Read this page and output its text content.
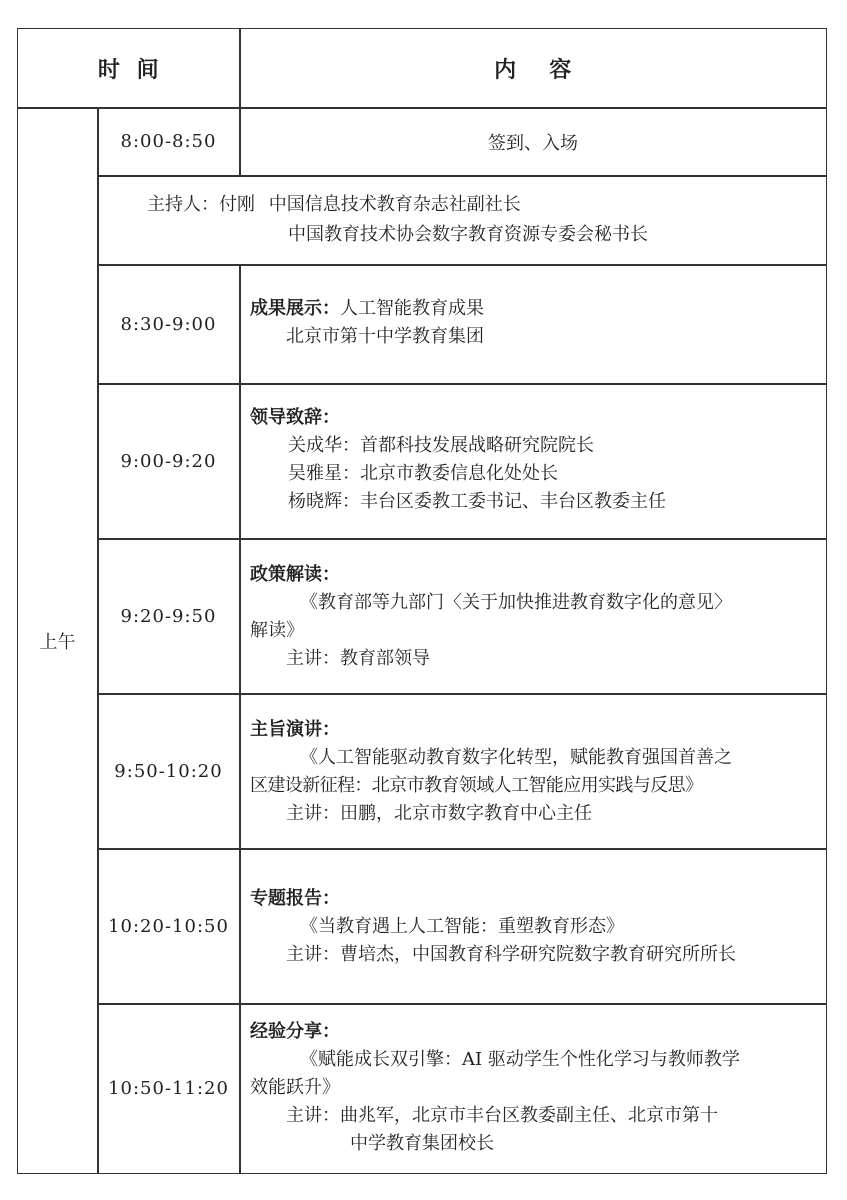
时  间	内    容
上午
8:00-8:50	签到、入场
主持人：付刚 中国信息技术教育杂志社副社长
中国教育技术协会数字教育资源专委会秘书长
8:30-9:00
成果展示：人工智能教育成果
北京市第十中学教育集团
9:00-9:20
领导致辞：
关成华：首都科技发展战略研究院院长
吴雅星：北京市教委信息化处处长
杨晓辉：丰台区委教工委书记、丰台区教委主任
9:20-9:50
政策解读：
《教育部等九部门〈关于加快推进教育数字化的意见〉
解读》
主讲：教育部领导
9:50-10:20
主旨演讲：
《人工智能驱动教育数字化转型，赋能教育强国首善之
区建设新征程：北京市教育领域人工智能应用实践与反思》
主讲：田鹏，北京市数字教育中心主任
10:20-10:50
专题报告：
《当教育遇上人工智能：重塑教育形态》
主讲：曹培杰，中国教育科学研究院数字教育研究所所长
10:50-11:20
经验分享：
《赋能成长双引擎：AI 驱动学生个性化学习与教师教学
效能跃升》
主讲：曲兆军，北京市丰台区教委副主任、北京市第十
中学教育集团校长
